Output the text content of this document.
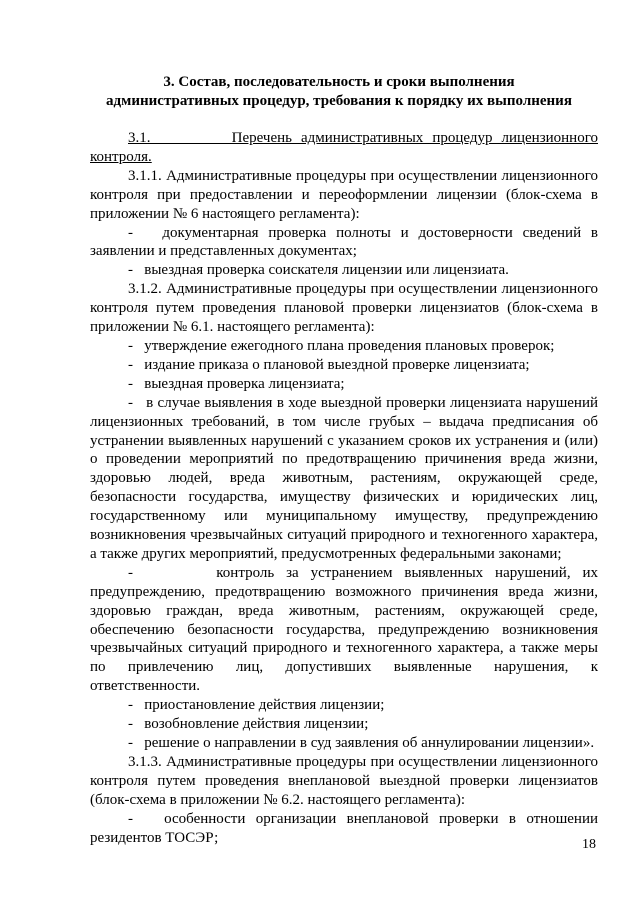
3. Состав, последовательность и сроки выполнения
административных процедур, требования к порядку их выполнения

3.1.         Перечень административных процедур лицензионного контроля.

3.1.1. Административные процедуры при осуществлении лицензионного контроля при предоставлении и переоформлении лицензии (блок-схема в приложении № 6 настоящего регламента):

-   документарная проверка полноты и достоверности сведений в заявлении и представленных документах;

-   выездная проверка соискателя лицензии или лицензиата.

3.1.2. Административные процедуры при осуществлении лицензионного контроля путем проведения плановой проверки лицензиатов (блок-схема в приложении № 6.1. настоящего регламента):

-   утверждение ежегодного плана проведения плановых проверок;

-   издание приказа о плановой выездной проверке лицензиата;

-   выездная проверка лицензиата;

-   в случае выявления в ходе выездной проверки лицензиата нарушений лицензионных требований, в том числе грубых – выдача предписания об устранении выявленных нарушений с указанием сроков их устранения и (или) о проведении мероприятий по предотвращению причинения вреда жизни, здоровью людей, вреда животным, растениям, окружающей среде, безопасности государства, имуществу физических и юридических лиц, государственному или муниципальному имуществу, предупреждению возникновения чрезвычайных ситуаций природного и техногенного характера, а также других мероприятий, предусмотренных федеральными законами;

-       контроль за устранением выявленных нарушений, их предупреждению, предотвращению возможного причинения вреда жизни, здоровью граждан, вреда животным, растениям, окружающей среде, обеспечению безопасности государства, предупреждению возникновения чрезвычайных ситуаций природного и техногенного характера, а также меры по привлечению лиц, допустивших выявленные нарушения, к ответственности.

-   приостановление действия лицензии;

-   возобновление действия лицензии;

-   решение о направлении в суд заявления об аннулировании лицензии».

3.1.3. Административные процедуры при осуществлении лицензионного контроля путем проведения внеплановой выездной проверки лицензиатов (блок-схема в приложении № 6.2. настоящего регламента):

-   особенности организации внеплановой проверки в отношении резидентов ТОСЭР;	18
